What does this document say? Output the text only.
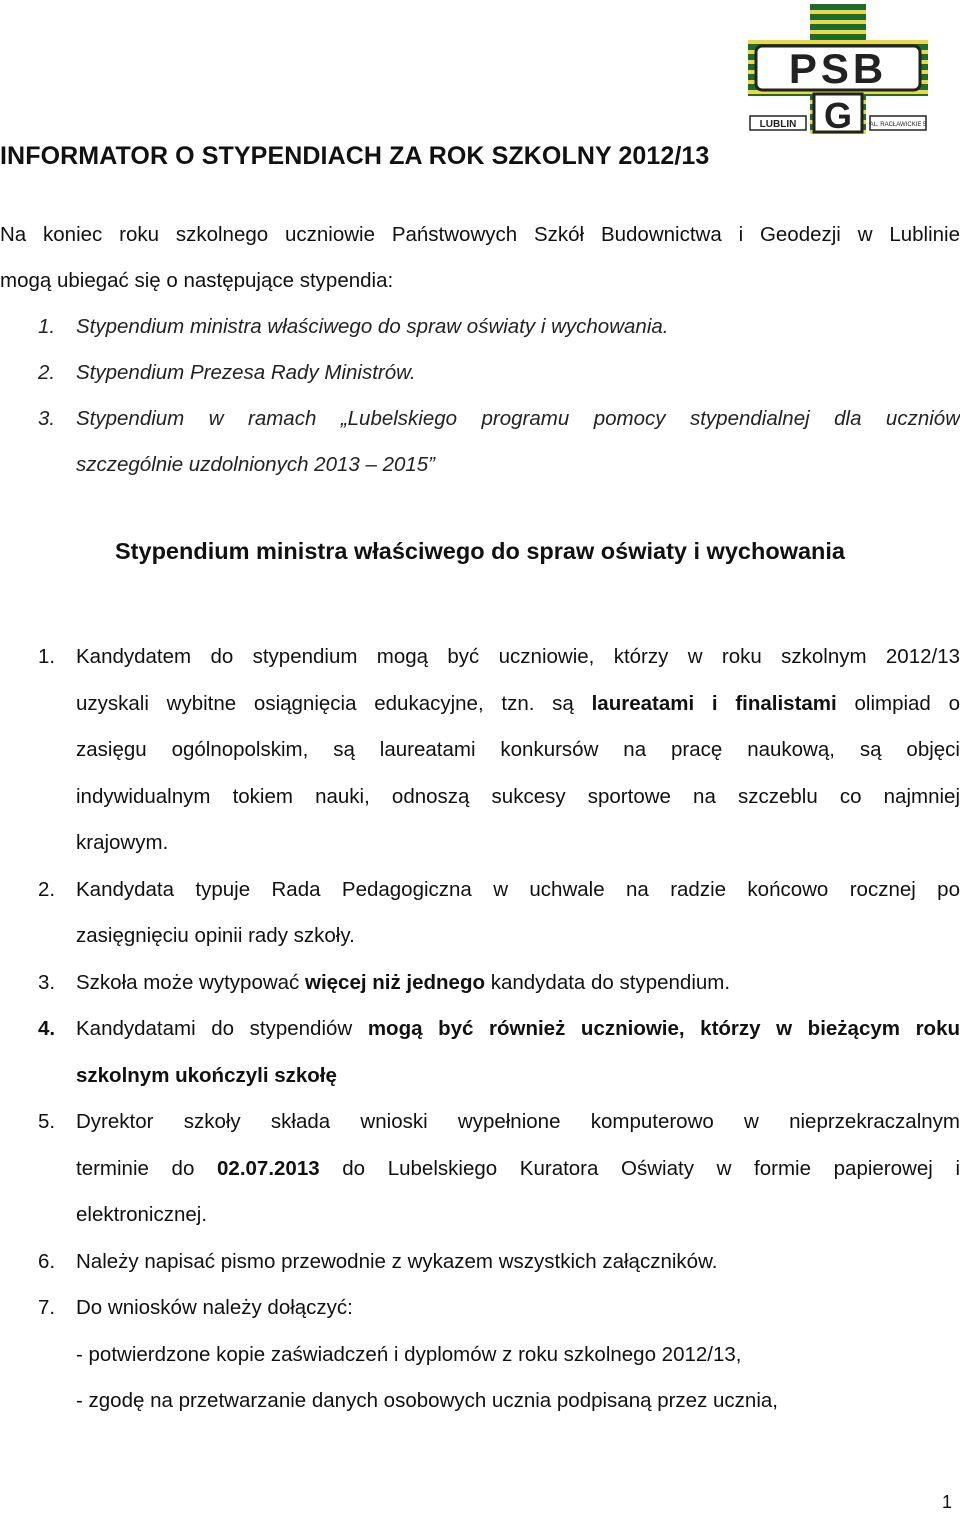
PSB
G
LUBLIN	AL. RACŁAWICKIE 5
INFORMATOR O STYPENDIACH ZA ROK SZKOLNY 2012/13
Na koniec roku szkolnego uczniowie Państwowych Szkół Budownictwa i Geodezji w Lublinie
mogą ubiegać się o następujące stypendia:
1. Stypendium ministra właściwego do spraw oświaty i wychowania.
2. Stypendium Prezesa Rady Ministrów.
3. Stypendium w ramach „Lubelskiego programu pomocy stypendialnej dla uczniów
szczególnie uzdolnionych 2013 – 2015”
Stypendium ministra właściwego do spraw oświaty i wychowania
1. Kandydatem do stypendium mogą być uczniowie, którzy w roku szkolnym 2012/13
uzyskali wybitne osiągnięcia edukacyjne, tzn. są laureatami i finalistami olimpiad o
zasięgu ogólnopolskim, są laureatami konkursów na pracę naukową, są objęci
indywidualnym tokiem nauki, odnoszą sukcesy sportowe na szczeblu co najmniej
krajowym.
2. Kandydata typuje Rada Pedagogiczna w uchwale na radzie końcowo rocznej po
zasięgnięciu opinii rady szkoły.
3. Szkoła może wytypować więcej niż jednego kandydata do stypendium.
4. Kandydatami do stypendiów mogą być również uczniowie, którzy w bieżącym roku
szkolnym ukończyli szkołę
5. Dyrektor szkoły składa wnioski wypełnione komputerowo w nieprzekraczalnym
terminie do 02.07.2013 do Lubelskiego Kuratora Oświaty w formie papierowej i
elektronicznej.
6. Należy napisać pismo przewodnie z wykazem wszystkich załączników.
7. Do wniosków należy dołączyć:
- potwierdzone kopie zaświadczeń i dyplomów z roku szkolnego 2012/13,
- zgodę na przetwarzanie danych osobowych ucznia podpisaną przez ucznia,
1
